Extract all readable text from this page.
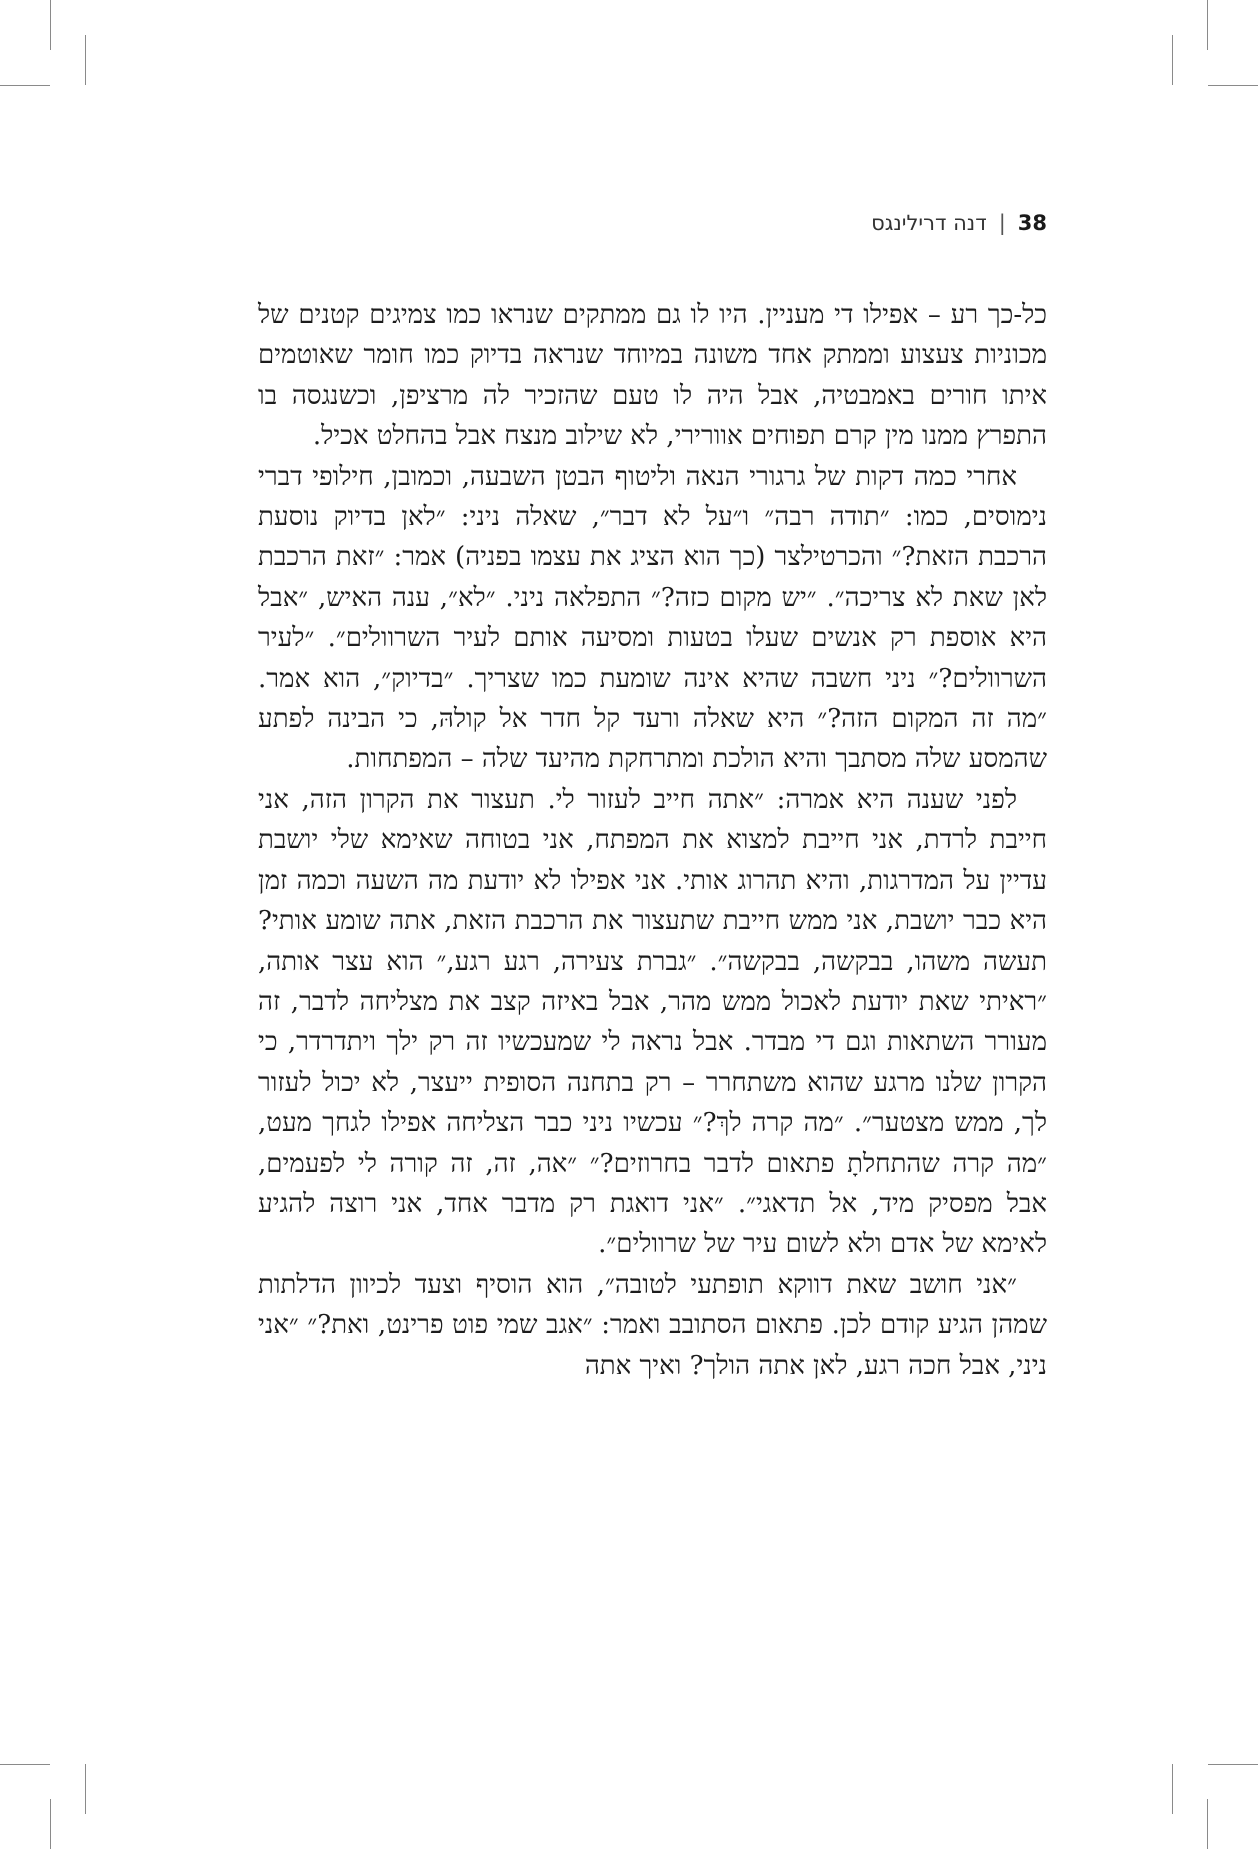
38|דנה דרילינגס

כל-כך רע – אפילו די מעניין. היו לו גם ממתקים שנראו כמו צמיגים קטנים של מכוניות צעצוע וממתק אחד משונה במיוחד שנראה בדיוק כמו חומר שאוטמים איתו חורים באמבטיה, אבל היה לו טעם שהזכיר לה מרציפן, וכשנגסה בו התפרץ ממנו מין קרם תפוחים אוורירי, לא שילוב מנצח אבל בהחלט אכיל.

אחרי כמה דקות של גרגורי הנאה וליטוף הבטן השבעה, וכמובן, חילופי דברי נימוסים, כמו: ״תודה רבה״ ו״על לא דבר״, שאלה ניני: ״לאן בדיוק נוסעת הרכבת הזאת?״ והכרטילצר (כך הוא הציג את עצמו בפניה) אמר: ״זאת הרכבת לאן שאת לא צריכה״. ״יש מקום כזה?״ התפלאה ניני. ״לא״, ענה האיש, ״אבל היא אוספת רק אנשים שעלו בטעות ומסיעה אותם לעיר השרוולים״. ״לעיר השרוולים?״ ניני חשבה שהיא אינה שומעת כמו שצריך. ״בדיוק״, הוא אמר. ״מה זה המקום הזה?״ היא שאלה ורעד קל חדר אל קולהּ, כי הבינה לפתע שהמסע שלה מסתבך והיא הולכת ומתרחקת מהיעד שלה – המפתחות.

לפני שענה היא אמרה: ״אתה חייב לעזור לי. תעצור את הקרון הזה, אני חייבת לרדת, אני חייבת למצוא את המפתח, אני בטוחה שאימא שלי יושבת עדיין על המדרגות, והיא תהרוג אותי. אני אפילו לא יודעת מה השעה וכמה זמן היא כבר יושבת, אני ממש חייבת שתעצור את הרכבת הזאת, אתה שומע אותי? תעשה משהו, בבקשה, בבקשה״. ״גברת צעירה, רגע רגע,״ הוא עצר אותה, ״ראיתי שאת יודעת לאכול ממש מהר, אבל באיזה קצב את מצליחה לדבר, זה מעורר השתאות וגם די מבדר. אבל נראה לי שמעכשיו זה רק ילך ויתדרדר, כי הקרון שלנו מרגע שהוא משתחרר – רק בתחנה הסופית ייעצר, לא יכול לעזור לך, ממש מצטער״. ״מה קרה לךְ?״ עכשיו ניני כבר הצליחה אפילו לגחך מעט, ״מה קרה שהתחלתָ פתאום לדבר בחרוזים?״ ״אה, זה, זה קורה לי לפעמים, אבל מפסיק מיד, אל תדאגי״. ״אני דואגת רק מדבר אחד, אני רוצה להגיע לאימא של אדם ולא לשום עיר של שרוולים״.

״אני חושב שאת דווקא תופתעי לטובה״, הוא הוסיף וצעד לכיוון הדלתות שמהן הגיע קודם לכן. פתאום הסתובב ואמר: ״אגב שמי פוט פרינט, ואת?״ ״אני ניני, אבל חכה רגע, לאן אתה הולך? ואיך אתה
